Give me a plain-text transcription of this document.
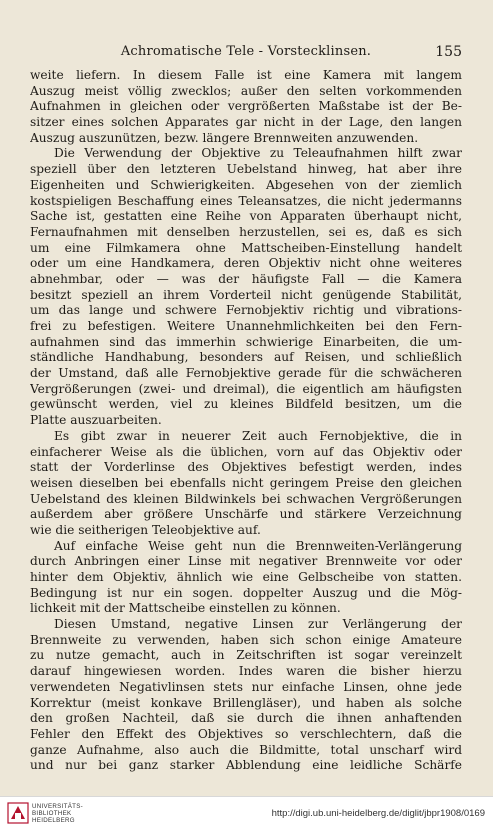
Achromatische Tele - Vorstecklinsen.	155
weite liefern. In diesem Falle ist eine Kamera mit langem
Auszug meist völlig zwecklos; außer den selten vorkommenden
Aufnahmen in gleichen oder vergrößerten Maßstabe ist der Be-
sitzer eines solchen Apparates gar nicht in der Lage, den langen
Auszug auszunützen, bezw. längere Brennweiten anzuwenden.
Die Verwendung der Objektive zu Teleaufnahmen hilft zwar
speziell über den letzteren Uebelstand hinweg, hat aber ihre
Eigenheiten und Schwierigkeiten. Abgesehen von der ziemlich
kostspieligen Beschaffung eines Teleansatzes, die nicht jedermanns
Sache ist, gestatten eine Reihe von Apparaten überhaupt nicht,
Fernaufnahmen mit denselben herzustellen, sei es, daß es sich
um eine Filmkamera ohne Mattscheiben-Einstellung handelt
oder um eine Handkamera, deren Objektiv nicht ohne weiteres
abnehmbar, oder — was der häufigste Fall — die Kamera
besitzt speziell an ihrem Vorderteil nicht genügende Stabilität,
um das lange und schwere Fernobjektiv richtig und vibrations-
frei zu befestigen. Weitere Unannehmlichkeiten bei den Fern-
aufnahmen sind das immerhin schwierige Einarbeiten, die um-
ständliche Handhabung, besonders auf Reisen, und schließlich
der Umstand, daß alle Fernobjektive gerade für die schwächeren
Vergrößerungen (zwei- und dreimal), die eigentlich am häufigsten
gewünscht werden, viel zu kleines Bildfeld besitzen, um die
Platte auszuarbeiten.
Es gibt zwar in neuerer Zeit auch Fernobjektive, die in
einfacherer Weise als die üblichen, vorn auf das Objektiv oder
statt der Vorderlinse des Objektives befestigt werden, indes
weisen dieselben bei ebenfalls nicht geringem Preise den gleichen
Uebelstand des kleinen Bildwinkels bei schwachen Vergrößerungen
außerdem aber größere Unschärfe und stärkere Verzeichnung
wie die seitherigen Teleobjektive auf.
Auf einfache Weise geht nun die Brennweiten-Verlängerung
durch Anbringen einer Linse mit negativer Brennweite vor oder
hinter dem Objektiv, ähnlich wie eine Gelbscheibe von statten.
Bedingung ist nur ein sogen. doppelter Auszug und die Mög-
lichkeit mit der Mattscheibe einstellen zu können.
Diesen Umstand, negative Linsen zur Verlängerung der
Brennweite zu verwenden, haben sich schon einige Amateure
zu nutze gemacht, auch in Zeitschriften ist sogar vereinzelt
darauf hingewiesen worden. Indes waren die bisher hierzu
verwendeten Negativlinsen stets nur einfache Linsen, ohne jede
Korrektur (meist konkave Brillengläser), und haben als solche
den großen Nachteil, daß sie durch die ihnen anhaftenden
Fehler den Effekt des Objektives so verschlechtern, daß die
ganze Aufnahme, also auch die Bildmitte, total unscharf wird
und nur bei ganz starker Abblendung eine leidliche Schärfe
UNIVERSITÄTS-
BIBLIOTHEK
HEIDELBERG
http://digi.ub.uni-heidelberg.de/diglit/jbpr1908/0169
